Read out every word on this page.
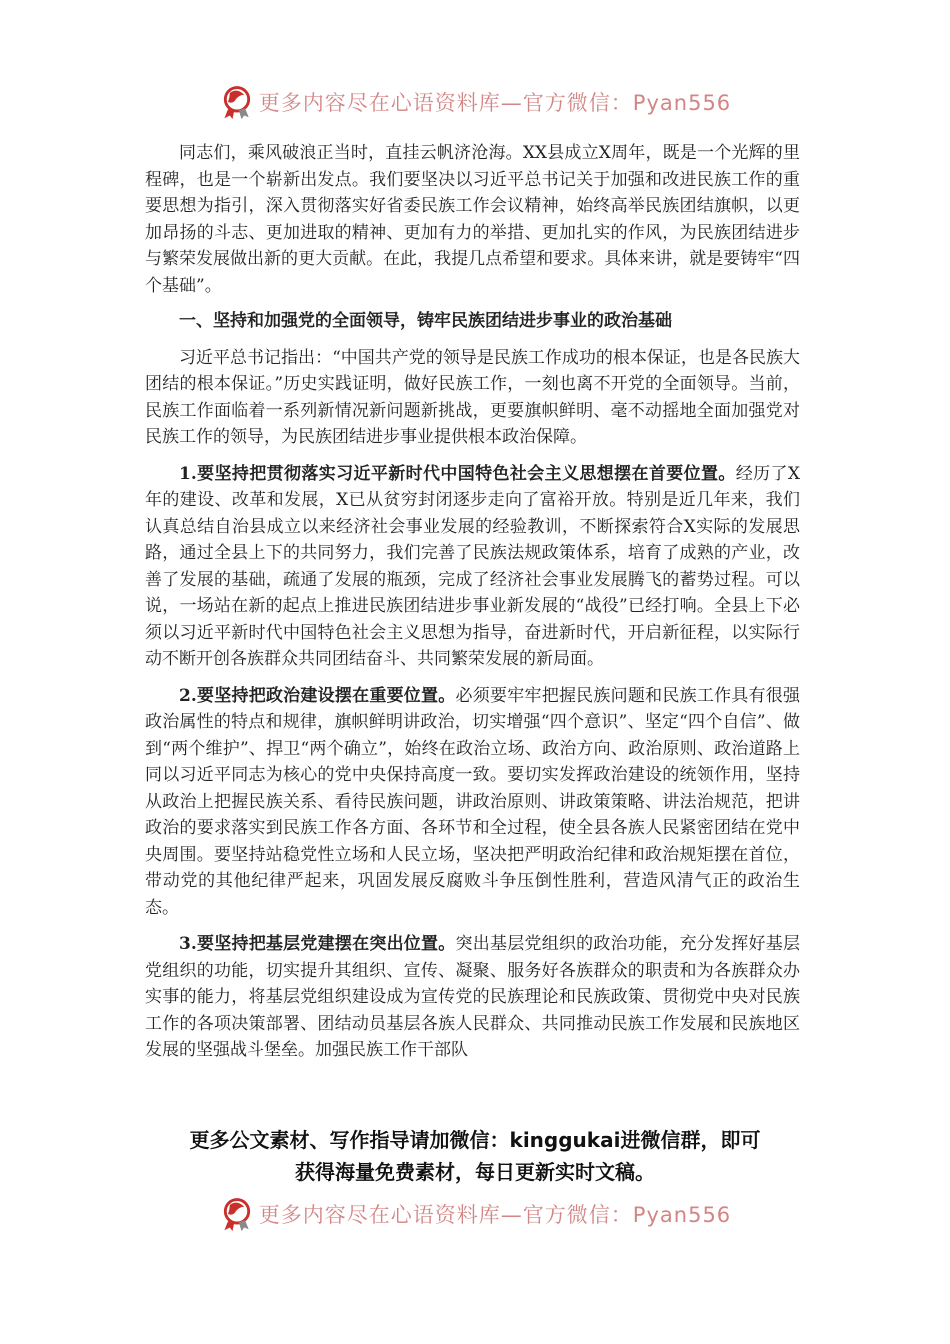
更多内容尽在心语资料库—官方微信：Pyan556

同志们，乘风破浪正当时，直挂云帆济沧海。XX县成立X周年，既是一个光辉的里程碑，也是一个崭新出发点。我们要坚决以习近平总书记关于加强和改进民族工作的重要思想为指引，深入贯彻落实好省委民族工作会议精神，始终高举民族团结旗帜，以更加昂扬的斗志、更加进取的精神、更加有力的举措、更加扎实的作风，为民族团结进步与繁荣发展做出新的更大贡献。在此，我提几点希望和要求。具体来讲，就是要铸牢“四个基础”。

一、坚持和加强党的全面领导，铸牢民族团结进步事业的政治基础

习近平总书记指出：“中国共产党的领导是民族工作成功的根本保证，也是各民族大团结的根本保证。”历史实践证明，做好民族工作，一刻也离不开党的全面领导。当前，民族工作面临着一系列新情况新问题新挑战，更要旗帜鲜明、毫不动摇地全面加强党对民族工作的领导，为民族团结进步事业提供根本政治保障。

1.要坚持把贯彻落实习近平新时代中国特色社会主义思想摆在首要位置。经历了X年的建设、改革和发展，X已从贫穷封闭逐步走向了富裕开放。特别是近几年来，我们认真总结自治县成立以来经济社会事业发展的经验教训，不断探索符合X实际的发展思路，通过全县上下的共同努力，我们完善了民族法规政策体系，培育了成熟的产业，改善了发展的基础，疏通了发展的瓶颈，完成了经济社会事业发展腾飞的蓄势过程。可以说，一场站在新的起点上推进民族团结进步事业新发展的“战役”已经打响。全县上下必须以习近平新时代中国特色社会主义思想为指导，奋进新时代，开启新征程，以实际行动不断开创各族群众共同团结奋斗、共同繁荣发展的新局面。

2.要坚持把政治建设摆在重要位置。必须要牢牢把握民族问题和民族工作具有很强政治属性的特点和规律，旗帜鲜明讲政治，切实增强“四个意识”、坚定“四个自信”、做到“两个维护”、捍卫“两个确立”，始终在政治立场、政治方向、政治原则、政治道路上同以习近平同志为核心的党中央保持高度一致。要切实发挥政治建设的统领作用，坚持从政治上把握民族关系、看待民族问题，讲政治原则、讲政策策略、讲法治规范，把讲政治的要求落实到民族工作各方面、各环节和全过程，使全县各族人民紧密团结在党中央周围。要坚持站稳党性立场和人民立场，坚决把严明政治纪律和政治规矩摆在首位，带动党的其他纪律严起来，巩固发展反腐败斗争压倒性胜利，营造风清气正的政治生态。

3.要坚持把基层党建摆在突出位置。突出基层党组织的政治功能，充分发挥好基层党组织的功能，切实提升其组织、宣传、凝聚、服务好各族群众的职责和为各族群众办实事的能力，将基层党组织建设成为宣传党的民族理论和民族政策、贯彻党中央对民族工作的各项决策部署、团结动员基层各族人民群众、共同推动民族工作发展和民族地区发展的坚强战斗堡垒。加强民族工作干部队

更多公文素材、写作指导请加微信：kinggukai进微信群，即可
获得海量免费素材，每日更新实时文稿。
更多内容尽在心语资料库—官方微信：Pyan556
